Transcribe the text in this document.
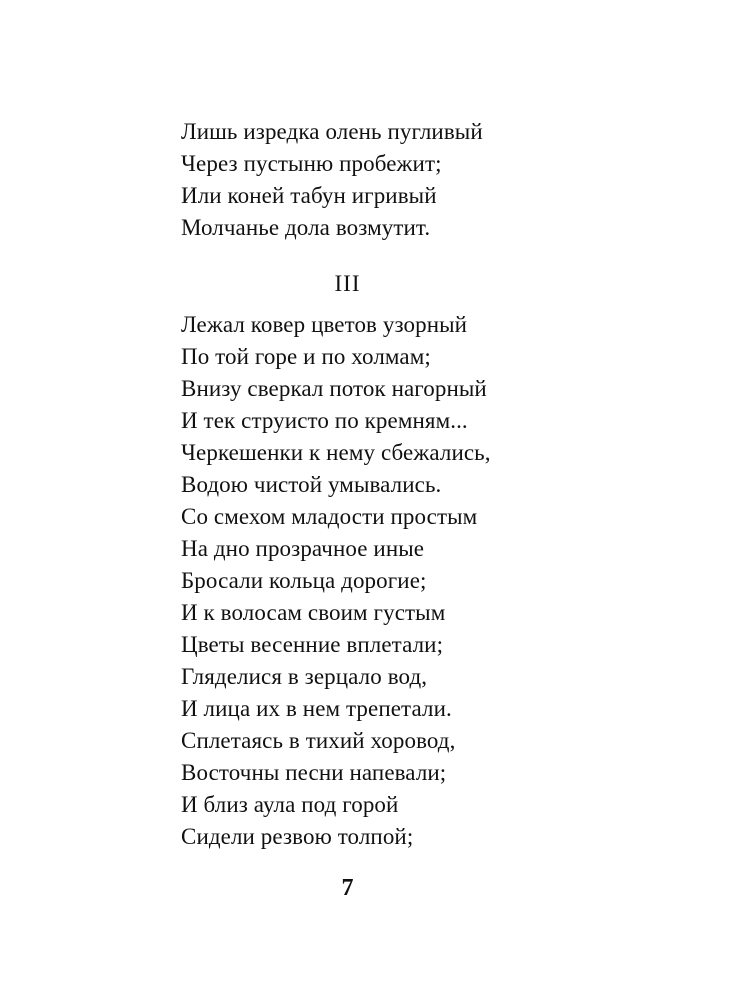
Лишь изредка олень пугливый
Через пустыню пробежит;
Или коней табун игривый
Молчанье дола возмутит.
III
Лежал ковер цветов узорный
По той горе и по холмам;
Внизу сверкал поток нагорный
И тек струисто по кремням...
Черкешенки к нему сбежались,
Водою чистой умывались.
Со смехом младости простым
На дно прозрачное иные
Бросали кольца дорогие;
И к волосам своим густым
Цветы весенние вплетали;
Гляделися в зерцало вод,
И лица их в нем трепетали.
Сплетаясь в тихий хоровод,
Восточны песни напевали;
И близ аула под горой
Сидели резвою толпой;
7
